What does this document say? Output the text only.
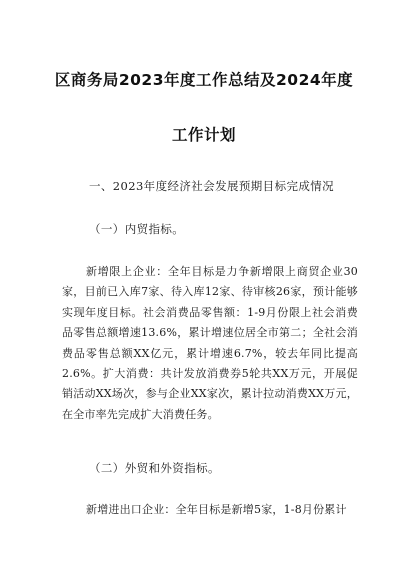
区商务局2023年度工作总结及2024年度
工作计划
一、2023年度经济社会发展预期目标完成情况
（一）内贸指标。
新增限上企业：全年目标是力争新增限上商贸企业30家，目前已入库7家、待入库12家、待审核26家，预计能够实现年度目标。社会消费品零售额：1-9月份限上社会消费品零售总额增速13.6%，累计增速位居全市第二；全社会消费品零售总额XX亿元，累计增速6.7%，较去年同比提高2.6%。扩大消费：共计发放消费券5轮共XX万元，开展促销活动XX场次，参与企业XX家次，累计拉动消费XX万元，在全市率先完成扩大消费任务。
（二）外贸和外资指标。
新增进出口企业：全年目标是新增5家，1-8月份累计
